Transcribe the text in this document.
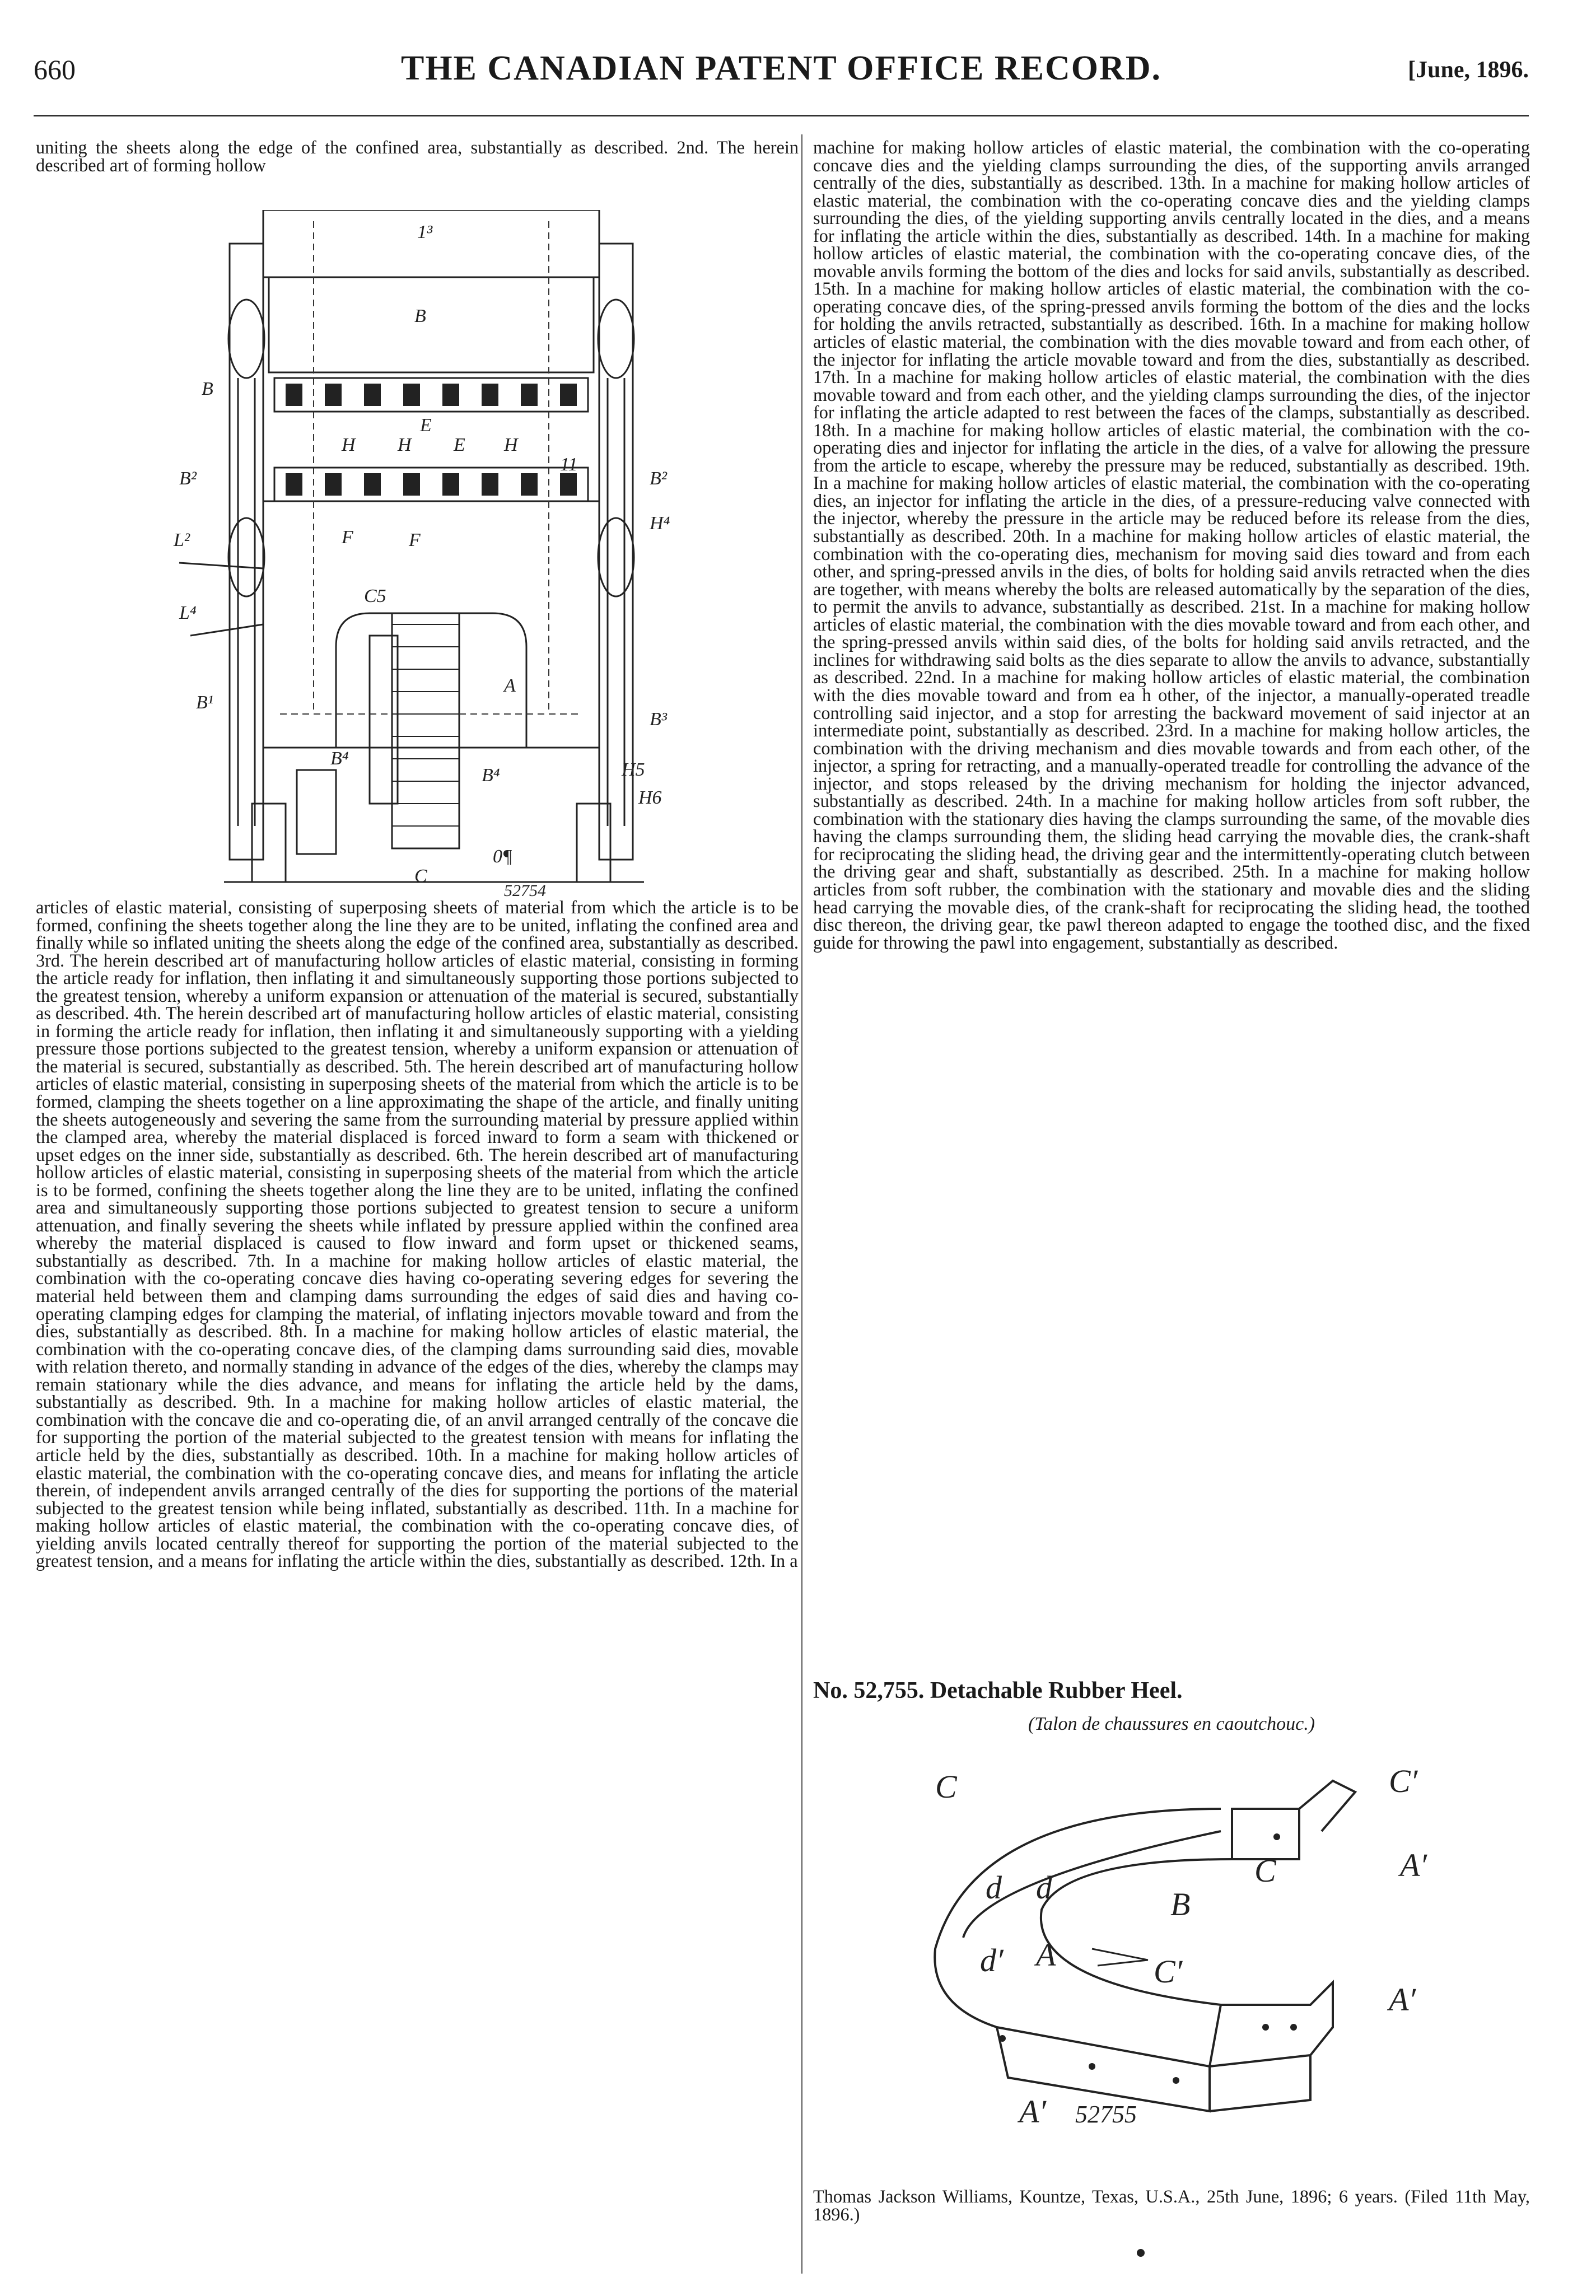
660	THE CANADIAN PATENT OFFICE RECORD.	[June, 1896.

uniting the sheets along the edge of the confined area, substantially as described. 2nd. The herein described art of forming hollow

1³
B
B
E
H H E H
B²	B²
H⁴
L²
L⁴
F	F
C5
A
B¹
B³
B⁴
B⁴	H5
H6
C
0¶
11
52754

articles of elastic material, consisting of superposing sheets of material from which the article is to be formed, confining the sheets together along the line they are to be united, inflating the confined area and finally while so inflated uniting the sheets along the edge of the confined area, substantially as described. 3rd. The herein described art of manufacturing hollow articles of elastic material, consisting in forming the article ready for inflation, then inflating it and simultaneously supporting those portions subjected to the greatest tension, whereby a uniform expansion or attenuation of the material is secured, substantially as described. 4th. The herein described art of manufacturing hollow articles of elastic material, consisting in forming the article ready for inflation, then inflating it and simultaneously supporting with a yielding pressure those portions subjected to the greatest tension, whereby a uniform expansion or attenuation of the material is secured, substantially as described. 5th. The herein described art of manufacturing hollow articles of elastic material, consisting in superposing sheets of the material from which the article is to be formed, clamping the sheets together on a line approximating the shape of the article, and finally uniting the sheets autogeneously and severing the same from the surrounding material by pressure applied within the clamped area, whereby the material displaced is forced inward to form a seam with thickened or upset edges on the inner side, substantially as described. 6th. The herein described art of manufacturing hollow articles of elastic material, consisting in superposing sheets of the material from which the article is to be formed, confining the sheets together along the line they are to be united, inflating the confined area and simultaneously supporting those portions subjected to greatest tension to secure a uniform attenuation, and finally severing the sheets while inflated by pressure applied within the confined area whereby the material displaced is caused to flow inward and form upset or thickened seams, substantially as described. 7th. In a machine for making hollow articles of elastic material, the combination with the co-operating concave dies having co-operating severing edges for severing the material held between them and clamping dams surrounding the edges of said dies and having co-operating clamping edges for clamping the material, of inflating injectors movable toward and from the dies, substantially as described. 8th. In a machine for making hollow articles of elastic material, the combination with the co-operating concave dies, of the clamping dams surrounding said dies, movable with relation thereto, and normally standing in advance of the edges of the dies, whereby the clamps may remain stationary while the dies advance, and means for inflating the article held by the dams, substantially as described. 9th. In a machine for making hollow articles of elastic material, the combination with the concave die and co-operating die, of an anvil arranged centrally of the concave die for supporting the portion of the material subjected to the greatest tension with means for inflating the article held by the dies, substantially as described. 10th. In a machine for making hollow articles of elastic material, the combination with the co-operating concave dies, and means for inflating the article therein, of independent anvils arranged centrally of the dies for supporting the portions of the material subjected to the greatest tension while being inflated, substantially as described. 11th. In a machine for making hollow articles of elastic material, the combination with the co-operating concave dies, of yielding anvils located centrally thereof for supporting the portion of the material subjected to the greatest tension, and a means for inflating the article within the dies, substantially as described. 12th. In a

machine for making hollow articles of elastic material, the combination with the co-operating concave dies and the yielding clamps surrounding the dies, of the supporting anvils arranged centrally of the dies, substantially as described. 13th. In a machine for making hollow articles of elastic material, the combination with the co-operating concave dies and the yielding clamps surrounding the dies, of the yielding supporting anvils centrally located in the dies, and a means for inflating the article within the dies, substantially as described. 14th. In a machine for making hollow articles of elastic material, the combination with the co-operating concave dies, of the movable anvils forming the bottom of the dies and locks for said anvils, substantially as described. 15th. In a machine for making hollow articles of elastic material, the combination with the co-operating concave dies, of the spring-pressed anvils forming the bottom of the dies and the locks for holding the anvils retracted, substantially as described. 16th. In a machine for making hollow articles of elastic material, the combination with the dies movable toward and from each other, of the injector for inflating the article movable toward and from the dies, substantially as described. 17th. In a machine for making hollow articles of elastic material, the combination with the dies movable toward and from each other, and the yielding clamps surrounding the dies, of the injector for inflating the article adapted to rest between the faces of the clamps, substantially as described. 18th. In a machine for making hollow articles of elastic material, the combination with the co-operating dies and injector for inflating the article in the dies, of a valve for allowing the pressure from the article to escape, whereby the pressure may be reduced, substantially as described. 19th. In a machine for making hollow articles of elastic material, the combination with the co-operating dies, an injector for inflating the article in the dies, of a pressure-reducing valve connected with the injector, whereby the pressure in the article may be reduced before its release from the dies, substantially as described. 20th. In a machine for making hollow articles of elastic material, the combination with the co-operating dies, mechanism for moving said dies toward and from each other, and spring-pressed anvils in the dies, of bolts for holding said anvils retracted when the dies are together, with means whereby the bolts are released automatically by the separation of the dies, to permit the anvils to advance, substantially as described. 21st. In a machine for making hollow articles of elastic material, the combination with the dies movable toward and from each other, and the spring-pressed anvils within said dies, of the bolts for holding said anvils retracted, and the inclines for withdrawing said bolts as the dies separate to allow the anvils to advance, substantially as described. 22nd. In a machine for making hollow articles of elastic material, the combination with the dies movable toward and from ea h other, of the injector, a manually-operated treadle controlling said injector, and a stop for arresting the backward movement of said injector at an intermediate point, substantially as described. 23rd. In a machine for making hollow articles, the combination with the driving mechanism and dies movable towards and from each other, of the injector, a spring for retracting, and a manually-operated treadle for controlling the advance of the injector, and stops released by the driving mechanism for holding the injector advanced, substantially as described. 24th. In a machine for making hollow articles from soft rubber, the combination with the stationary dies having the clamps surrounding the same, of the movable dies having the clamps surrounding them, the sliding head carrying the movable dies, the crank-shaft for reciprocating the sliding head, the driving gear and the intermittently-operating clutch between the driving gear and shaft, substantially as described. 25th. In a machine for making hollow articles from soft rubber, the combination with the stationary and movable dies and the sliding head carrying the movable dies, of the crank-shaft for reciprocating the sliding head, the toothed disc thereon, the driving gear, tke pawl thereon adapted to engage the toothed disc, and the fixed guide for throwing the pawl into engagement, substantially as described.

No. 52,755. Detachable Rubber Heel.
(Talon de chaussures en caoutchouc.)
C	C′
A′
d d	B
C
A
d′	C′
A′
A′ 52755
Thomas Jackson Williams, Kountze, Texas, U.S.A., 25th June, 1896; 6 years. (Filed 11th May, 1896.)
